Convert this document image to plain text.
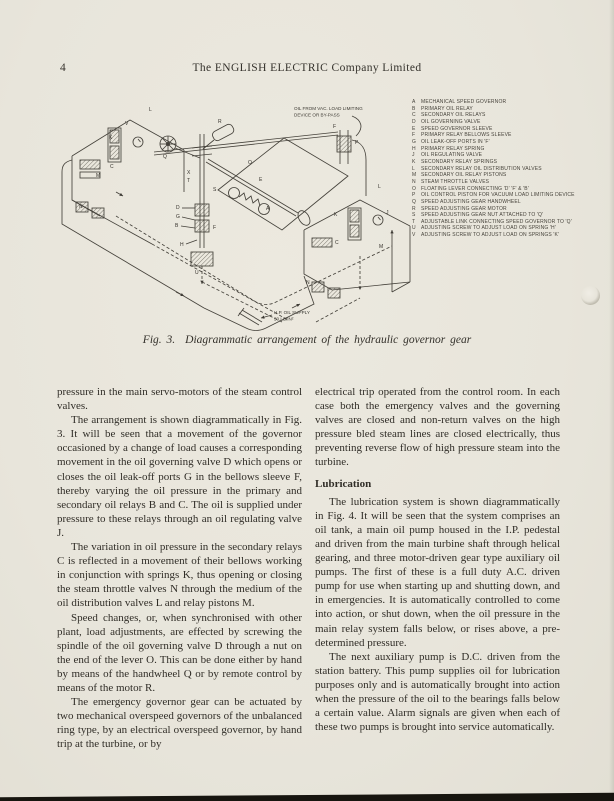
4	The ENGLISH ELECTRIC Company Limited
OIL FROM VAC. LOAD LIMITING
DEVICE OR BY-PASS
H.P. OIL SUPPLY
50 LB/IN²
L
V
K
C
M
N
Q
R
X
T
S
D
G
B	F
H
U
O
E
A
P
F
L
K	J
C
M
N
A	MECHANICAL SPEED GOVERNOR
B	PRIMARY OIL RELAY
C	SECONDARY OIL RELAYS
D	OIL GOVERNING VALVE
E	SPEED GOVERNOR SLEEVE
F	PRIMARY RELAY BELLOWS SLEEVE
G OIL LEAK-OFF PORTS IN 'F'
H	PRIMARY RELAY SPRING
J	OIL REGULATING VALVE
K	SECONDARY RELAY SPRINGS
L	SECONDARY RELAY OIL DISTRIBUTION VALVES
M SECONDARY OIL RELAY PISTONS
N	STEAM THROTTLE VALVES
O FLOATING LEVER CONNECTING 'D' 'F' & 'B'
P	OIL CONTROL PISTON FOR VACUUM LOAD LIMITING DEVICE
Q SPEED ADJUSTING GEAR HANDWHEEL
R	SPEED ADJUSTING GEAR MOTOR
S	SPEED ADJUSTING GEAR NUT ATTACHED TO 'Q'
T	ADJUSTABLE LINK CONNECTING SPEED GOVERNOR TO 'Q'
U	ADJUSTING SCREW TO ADJUST LOAD ON SPRING 'H'
V	ADJUSTING SCREW TO ADJUST LOAD ON SPRINGS 'K'
Fig. 3. Diagrammatic arrangement of the hydraulic governor gear

pressure in the main servo-motors of the steam control valves.

The arrangement is shown diagrammatically in Fig. 3. It will be seen that a movement of the governor occasioned by a change of load causes a corresponding movement in the oil governing valve D which opens or closes the oil leak-off ports G in the bellows sleeve F, thereby varying the oil pressure in the primary and secondary oil relays B and C. The oil is supplied under pressure to these relays through an oil regulating valve J.

The variation in oil pressure in the secondary relays C is reflected in a movement of their bellows working in conjunction with springs K, thus opening or closing the steam throttle valves N through the medium of the oil distribution valves L and relay pistons M.

Speed changes, or, when synchronised with other plant, load adjustments, are effected by screwing the spindle of the oil governing valve D through a nut on the end of the lever O. This can be done either by hand by means of the handwheel Q or by remote control by means of the motor R.

The emergency governor gear can be actuated by two mechanical overspeed governors of the unbalanced ring type, by an electrical overspeed governor, by hand trip at the turbine, or by

electrical trip operated from the control room. In each case both the emergency valves and the governing valves are closed and non-return valves on the high pressure bled steam lines are closed electrically, thus preventing reverse flow of high pressure steam into the turbine.

Lubrication

The lubrication system is shown diagrammatically in Fig. 4. It will be seen that the system comprises an oil tank, a main oil pump housed in the I.P. pedestal and driven from the main turbine shaft through helical gearing, and three motor-driven gear type auxiliary oil pumps. The first of these is a full duty A.C. driven pump for use when starting up and shutting down, and in emergencies. It is automatically controlled to come into action, or shut down, when the oil pressure in the main relay system falls below, or rises above, a pre-determined pressure.

The next auxiliary pump is D.C. driven from the station battery. This pump supplies oil for lubrication purposes only and is automatically brought into action when the pressure of the oil to the bearings falls below a certain value. Alarm signals are given when each of these two pumps is brought into service automatically.
